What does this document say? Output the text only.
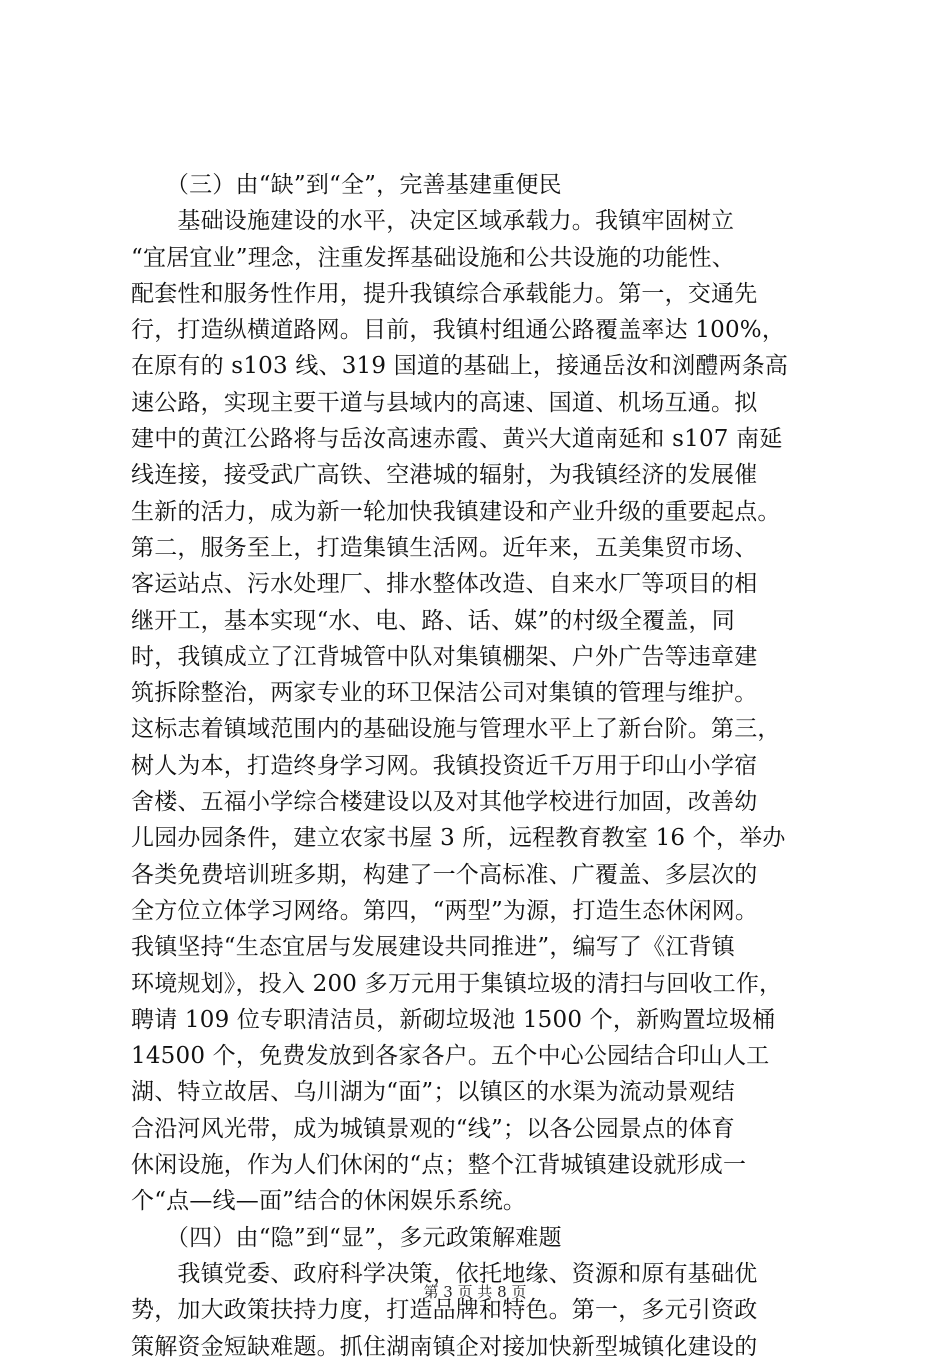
　　（三）由“缺”到“全”，完善基建重便民
　　基础设施建设的水平，决定区域承载力。我镇牢固树立
“宜居宜业”理念，注重发挥基础设施和公共设施的功能性、
配套性和服务性作用，提升我镇综合承载能力。第一，交通先
行，打造纵横道路网。目前，我镇村组通公路覆盖率达 100%，
在原有的 s103 线、319 国道的基础上，接通岳汝和浏醴两条高
速公路，实现主要干道与县域内的高速、国道、机场互通。拟
建中的黄江公路将与岳汝高速赤霞、黄兴大道南延和 s107 南延
线连接，接受武广高铁、空港城的辐射，为我镇经济的发展催
生新的活力，成为新一轮加快我镇建设和产业升级的重要起点。
第二，服务至上，打造集镇生活网。近年来，五美集贸市场、
客运站点、污水处理厂、排水整体改造、自来水厂等项目的相
继开工，基本实现“水、电、路、话、媒”的村级全覆盖，同
时，我镇成立了江背城管中队对集镇棚架、户外广告等违章建
筑拆除整治，两家专业的环卫保洁公司对集镇的管理与维护。
这标志着镇域范围内的基础设施与管理水平上了新台阶。第三，
树人为本，打造终身学习网。我镇投资近千万用于印山小学宿
舍楼、五福小学综合楼建设以及对其他学校进行加固，改善幼
儿园办园条件，建立农家书屋 3 所，远程教育教室 16 个，举办
各类免费培训班多期，构建了一个高标准、广覆盖、多层次的
全方位立体学习网络。第四，“两型”为源，打造生态休闲网。
我镇坚持“生态宜居与发展建设共同推进”，编写了《江背镇
环境规划》，投入 200 多万元用于集镇垃圾的清扫与回收工作，
聘请 109 位专职清洁员，新砌垃圾池 1500 个，新购置垃圾桶
14500 个，免费发放到各家各户。五个中心公园结合印山人工
湖、特立故居、乌川湖为“面”；以镇区的水渠为流动景观结
合沿河风光带，成为城镇景观的“线”；以各公园景点的体育
休闲设施，作为人们休闲的“点；整个江背城镇建设就形成一
个“点—线—面”结合的休闲娱乐系统。
　　（四）由“隐”到“显”，多元政策解难题
　　我镇党委、政府科学决策，依托地缘、资源和原有基础优
势，加大政策扶持力度，打造品牌和特色。第一，多元引资政
策解资金短缺难题。抓住湖南镇企对接加快新型城镇化建设的
第 3 页 共 8 页
